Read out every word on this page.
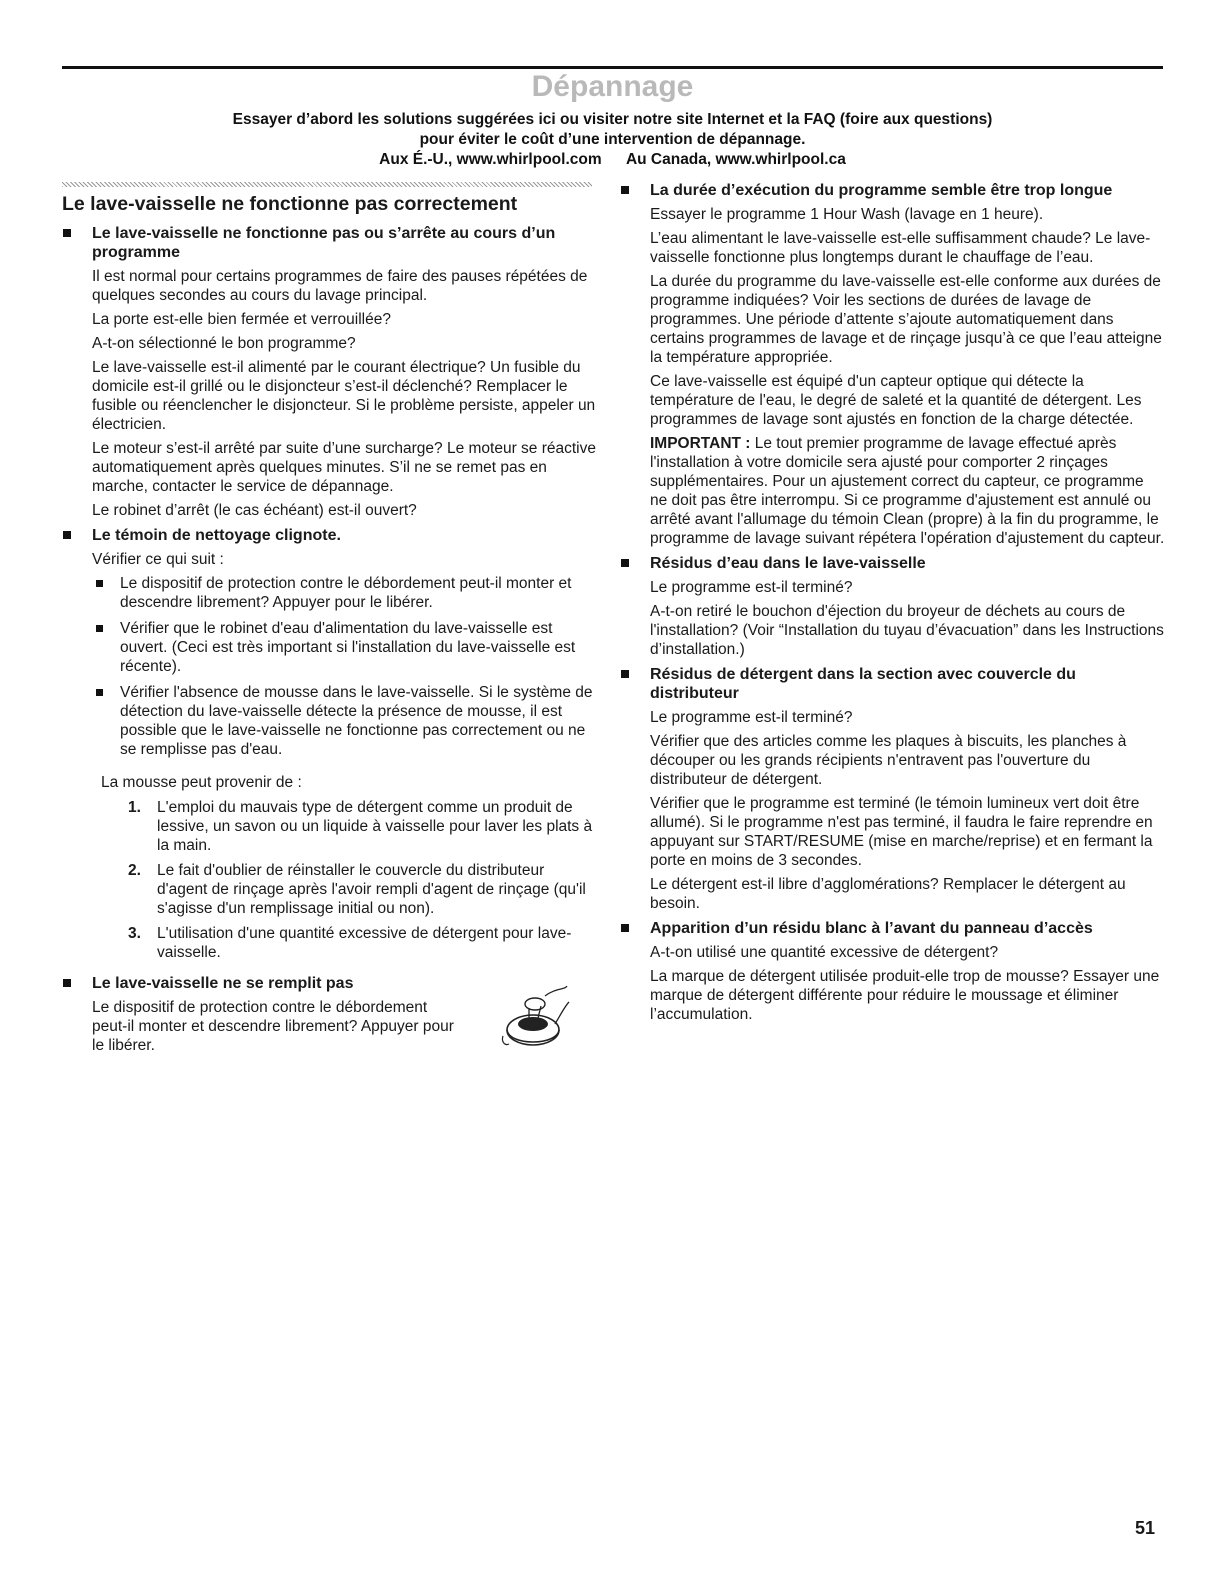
Dépannage

Essayer d’abord les solutions suggérées ici ou visiter notre site Internet et la FAQ (foire aux questions)

pour éviter le coût d’une intervention de dépannage.

Aux É.-U., www.whirlpool.com Au Canada, www.whirlpool.ca

Le lave-vaisselle ne fonctionne pas correctement

Le lave-vaisselle ne fonctionne pas ou s’arrête au cours d’un programme

Il est normal pour certains programmes de faire des pauses répétées de quelques secondes au cours du lavage principal.

La porte est-elle bien fermée et verrouillée?

A-t-on sélectionné le bon programme?

Le lave-vaisselle est-il alimenté par le courant électrique? Un fusible du domicile est-il grillé ou le disjoncteur s’est-il déclenché? Remplacer le fusible ou réenclencher le disjoncteur. Si le problème persiste, appeler un électricien.

Le moteur s’est-il arrêté par suite d’une surcharge? Le moteur se réactive automatiquement après quelques minutes. S’il ne se remet pas en marche, contacter le service de dépannage.

Le robinet d’arrêt (le cas échéant) est-il ouvert?

Le témoin de nettoyage clignote.

Vérifier ce qui suit :

Le dispositif de protection contre le débordement peut-il monter et descendre librement? Appuyer pour le libérer.
Vérifier que le robinet d'eau d'alimentation du lave-vaisselle est ouvert. (Ceci est très important si l'installation du lave-vaisselle est récente).
Vérifier l'absence de mousse dans le lave-vaisselle. Si le système de détection du lave-vaisselle détecte la présence de mousse, il est possible que le lave-vaisselle ne fonctionne pas correctement ou ne se remplisse pas d'eau.

La mousse peut provenir de :

1. L'emploi du mauvais type de détergent comme un produit de lessive, un savon ou un liquide à vaisselle pour laver les plats à la main.
2. Le fait d'oublier de réinstaller le couvercle du distributeur d'agent de rinçage après l'avoir rempli d'agent de rinçage (qu'il s'agisse d'un remplissage initial ou non).
3. L'utilisation d'une quantité excessive de détergent pour lave-vaisselle.

Le lave-vaisselle ne se remplit pas

Le dispositif de protection contre le débordement peut-il monter et descendre librement? Appuyer pour le libérer.

La durée d’exécution du programme semble être trop longue

Essayer le programme 1 Hour Wash (lavage en 1 heure).

L’eau alimentant le lave-vaisselle est-elle suffisamment chaude? Le lave-vaisselle fonctionne plus longtemps durant le chauffage de l’eau.

La durée du programme du lave-vaisselle est-elle conforme aux durées de programme indiquées? Voir les sections de durées de lavage de programmes. Une période d’attente s’ajoute automatiquement dans certains programmes de lavage et de rinçage jusqu’à ce que l’eau atteigne la température appropriée.

Ce lave-vaisselle est équipé d'un capteur optique qui détecte la température de l'eau, le degré de saleté et la quantité de détergent. Les programmes de lavage sont ajustés en fonction de la charge détectée.

IMPORTANT : Le tout premier programme de lavage effectué après l'installation à votre domicile sera ajusté pour comporter 2 rinçages supplémentaires. Pour un ajustement correct du capteur, ce programme ne doit pas être interrompu. Si ce programme d'ajustement est annulé ou arrêté avant l'allumage du témoin Clean (propre) à la fin du programme, le programme de lavage suivant répétera l'opération d'ajustement du capteur.

Résidus d’eau dans le lave-vaisselle

Le programme est-il terminé?

A-t-on retiré le bouchon d'éjection du broyeur de déchets au cours de l'installation? (Voir “Installation du tuyau d’évacuation” dans les Instructions d’installation.)

Résidus de détergent dans la section avec couvercle du distributeur

Le programme est-il terminé?

Vérifier que des articles comme les plaques à biscuits, les planches à découper ou les grands récipients n'entravent pas l'ouverture du distributeur de détergent.

Vérifier que le programme est terminé (le témoin lumineux vert doit être allumé). Si le programme n'est pas terminé, il faudra le faire reprendre en appuyant sur START/RESUME (mise en marche/reprise) et en fermant la porte en moins de 3 secondes.

Le détergent est-il libre d’agglomérations? Remplacer le détergent au besoin.

Apparition d’un résidu blanc à l’avant du panneau d’accès

A-t-on utilisé une quantité excessive de détergent?

La marque de détergent utilisée produit-elle trop de mousse? Essayer une marque de détergent différente pour réduire le moussage et éliminer l’accumulation.

51
